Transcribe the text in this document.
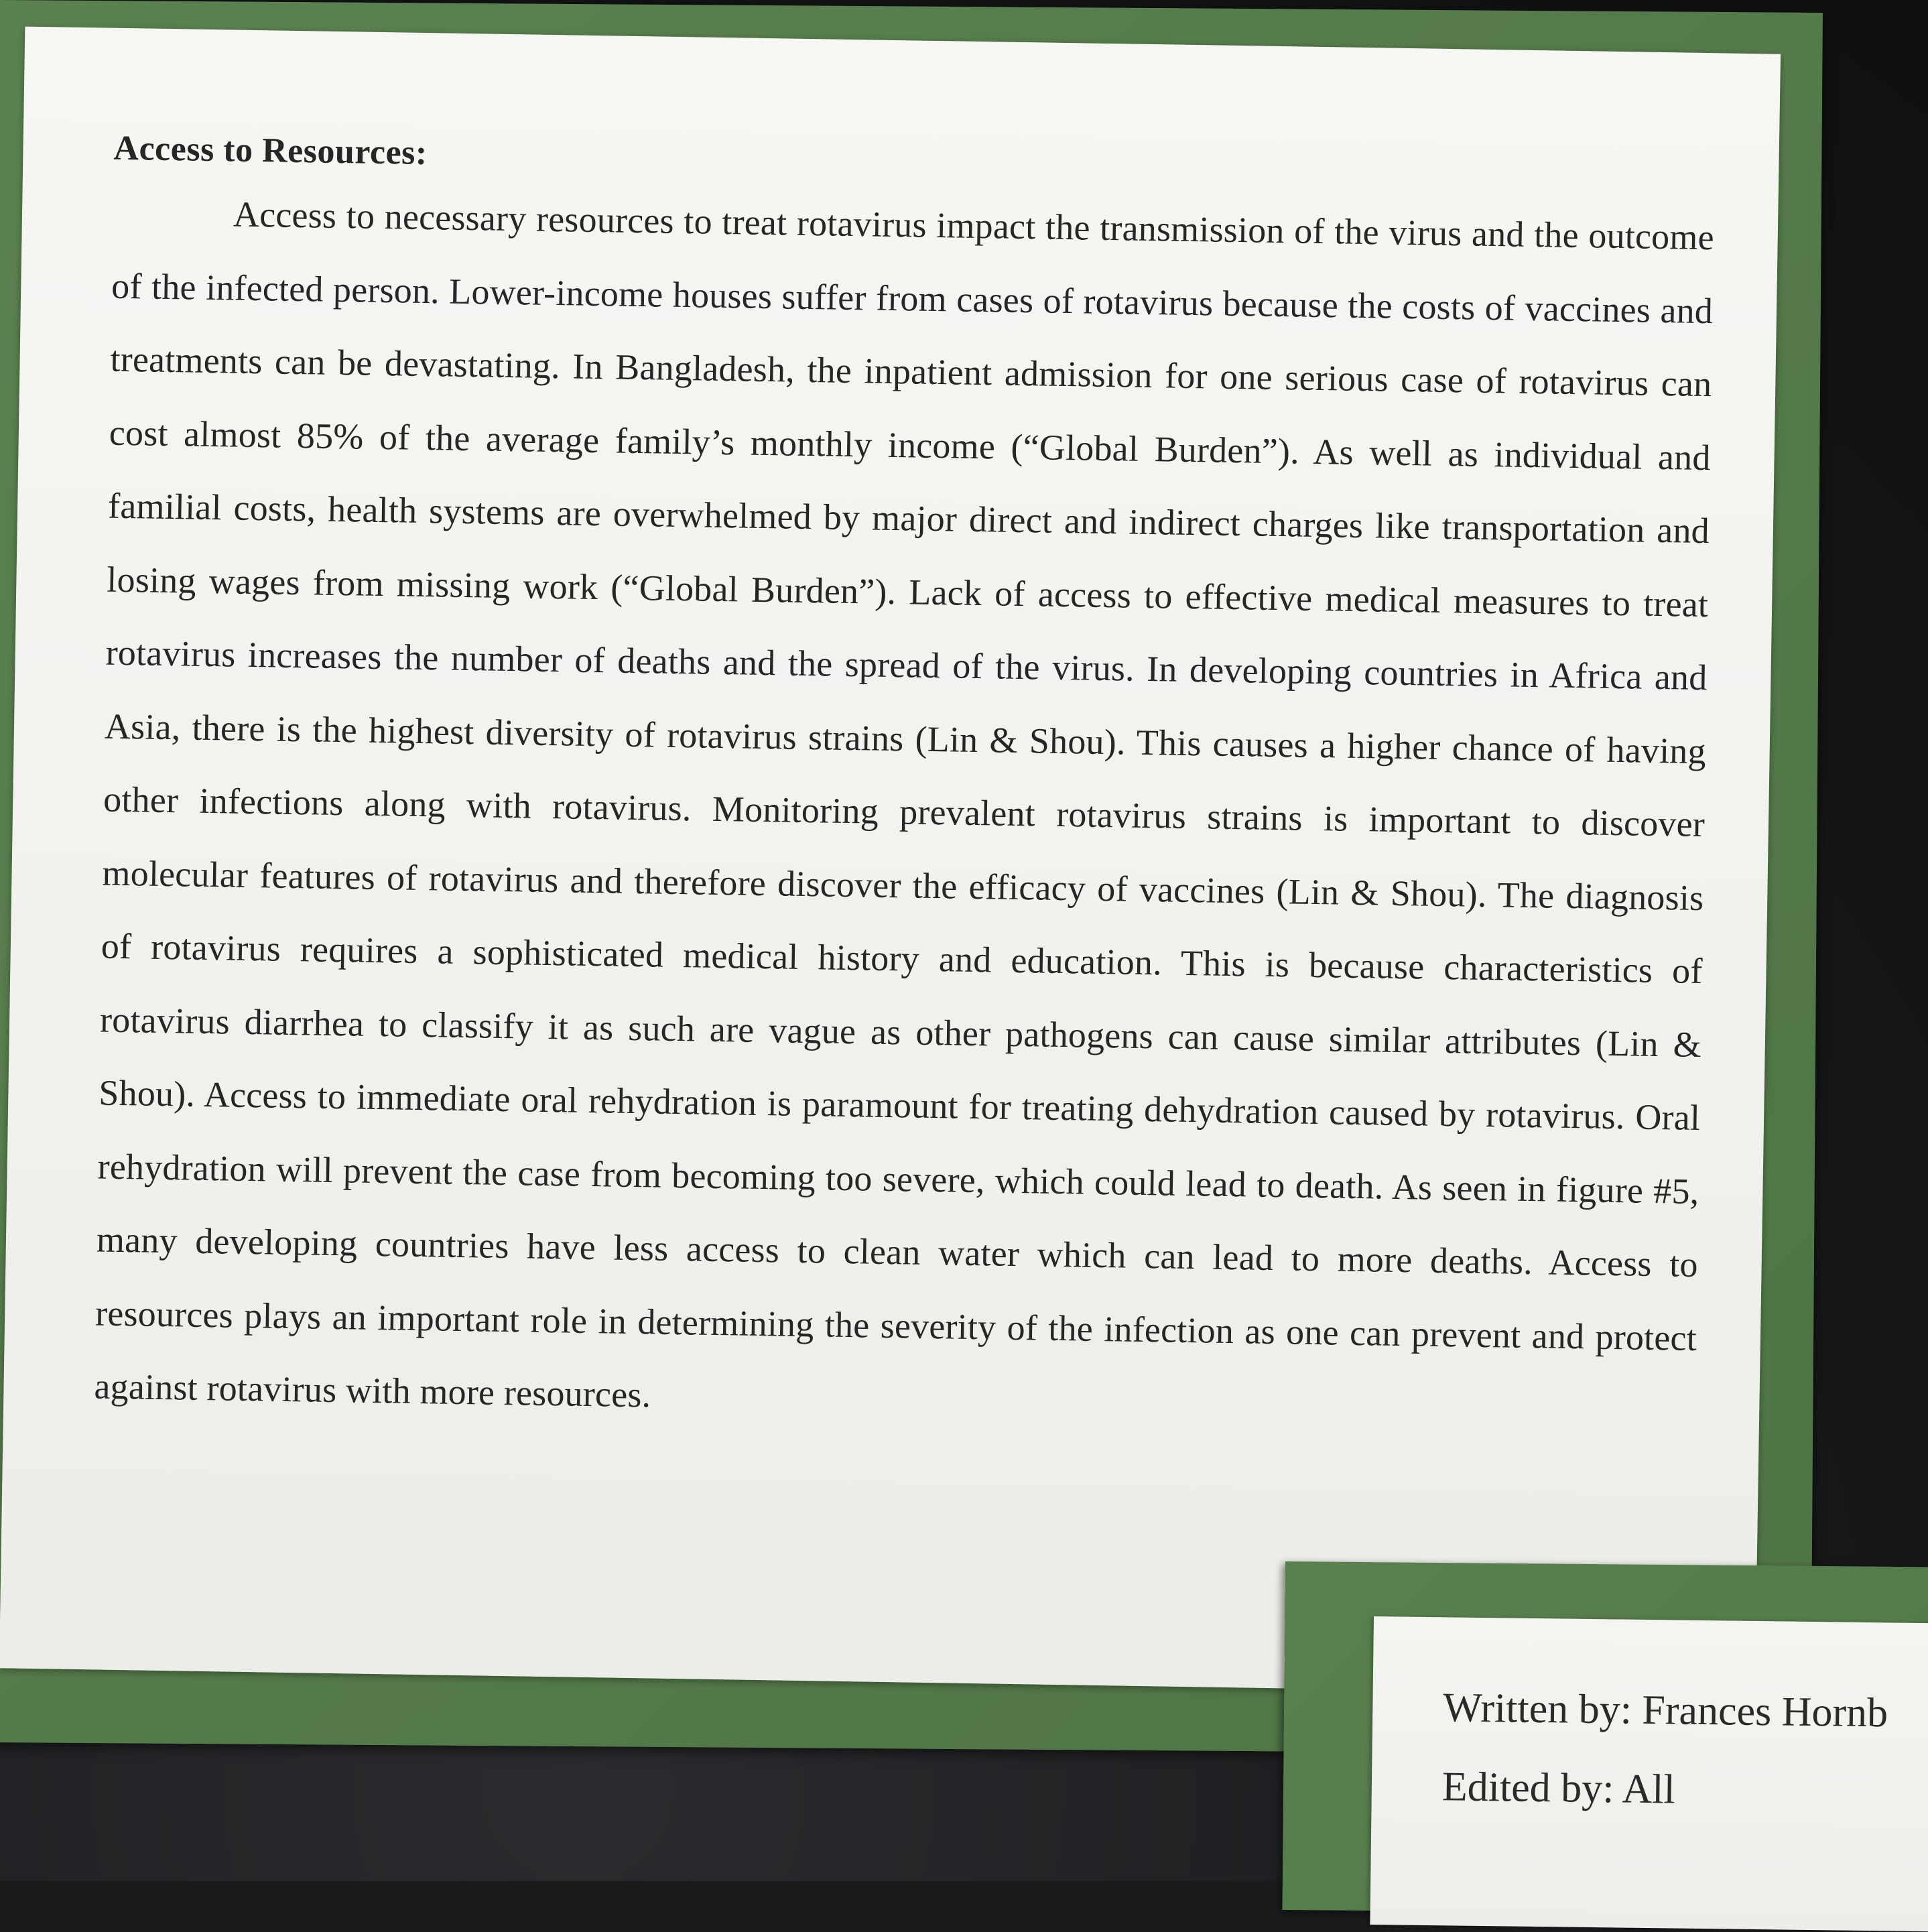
Access to Resources:

Access to necessary resources to treat rotavirus impact the transmission of the virus and the outcome of the infected person. Lower-income houses suffer from cases of rotavirus because the costs of vaccines and treatments can be devastating. In Bangladesh, the inpatient admission for one serious case of rotavirus can cost almost 85% of the average family’s monthly income (“Global Burden”). As well as individual and familial costs, health systems are overwhelmed by major direct and indirect charges like transportation and losing wages from missing work (“Global Burden”). Lack of access to effective medical measures to treat rotavirus increases the number of deaths and the spread of the virus. In developing countries in Africa and Asia, there is the highest diversity of rotavirus strains (Lin & Shou). This causes a higher chance of having other infections along with rotavirus. Monitoring prevalent rotavirus strains is important to discover molecular features of rotavirus and therefore discover the efficacy of vaccines (Lin & Shou). The diagnosis of rotavirus requires a sophisticated medical history and education. This is because characteristics of rotavirus diarrhea to classify it as such are vague as other pathogens can cause similar attributes (Lin & Shou). Access to immediate oral rehydration is paramount for treating dehydration caused by rotavirus. Oral rehydration will prevent the case from becoming too severe, which could lead to death. As seen in figure #5, many developing countries have less access to clean water which can lead to more deaths. Access to resources plays an important role in determining the severity of the infection as one can prevent and protect against rotavirus with more resources.

Written by: Frances Hornb
Edited by: All
